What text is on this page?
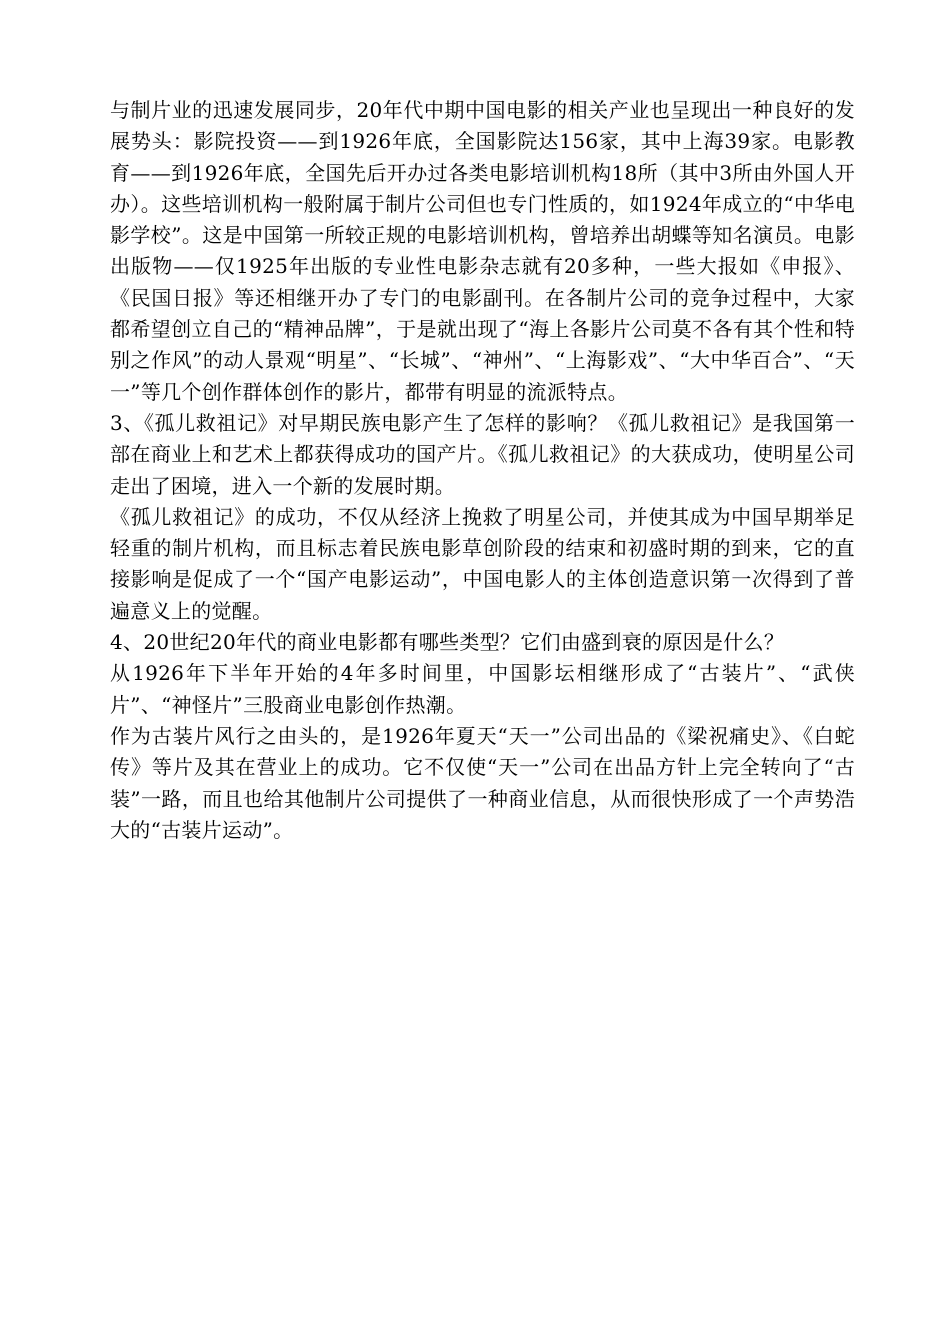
与制片业的迅速发展同步，20年代中期中国电影的相关产业也呈现出一种良好的发展势头：影院投资——到1926年底，全国影院达156家，其中上海39家。电影教育——到1926年底，全国先后开办过各类电影培训机构18所（其中3所由外国人开办）。这些培训机构一般附属于制片公司但也专门性质的，如1924年成立的“中华电影学校”。这是中国第一所较正规的电影培训机构，曾培养出胡蝶等知名演员。电影出版物——仅1925年出版的专业性电影杂志就有20多种，一些大报如《申报》、《民国日报》等还相继开办了专门的电影副刊。在各制片公司的竞争过程中，大家都希望创立自己的“精神品牌”，于是就出现了“海上各影片公司莫不各有其个性和特别之作风”的动人景观“明星”、“长城”、“神州”、“上海影戏”、“大中华百合”、“天一”等几个创作群体创作的影片，都带有明显的流派特点。

3、《孤儿救祖记》对早期民族电影产生了怎样的影响？《孤儿救祖记》是我国第一部在商业上和艺术上都获得成功的国产片。《孤儿救祖记》的大获成功，使明星公司走出了困境，进入一个新的发展时期。

《孤儿救祖记》的成功，不仅从经济上挽救了明星公司，并使其成为中国早期举足轻重的制片机构，而且标志着民族电影草创阶段的结束和初盛时期的到来，它的直接影响是促成了一个“国产电影运动”，中国电影人的主体创造意识第一次得到了普遍意义上的觉醒。

4、20世纪20年代的商业电影都有哪些类型？它们由盛到衰的原因是什么？

从1926年下半年开始的4年多时间里，中国影坛相继形成了“古装片”、“武侠片”、“神怪片”三股商业电影创作热潮。

作为古装片风行之由头的，是1926年夏天“天一”公司出品的《梁祝痛史》、《白蛇传》等片及其在营业上的成功。它不仅使“天一”公司在出品方针上完全转向了“古装”一路，而且也给其他制片公司提供了一种商业信息，从而很快形成了一个声势浩大的“古装片运动”。
